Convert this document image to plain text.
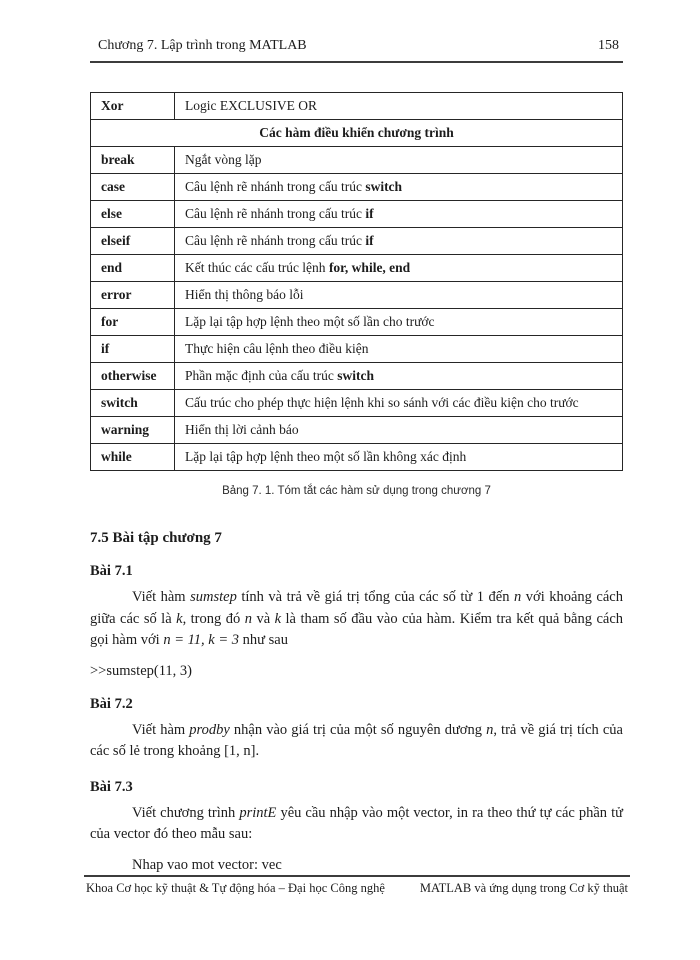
Chương 7. Lập trình trong MATLAB	158
Xor	Logic EXCLUSIVE OR
Các hàm điều khiển chương trình	
break	Ngắt vòng lặp
case	Câu lệnh rẽ nhánh trong cấu trúc switch
else	Câu lệnh rẽ nhánh trong cấu trúc if
elseif	Câu lệnh rẽ nhánh trong cấu trúc if
end	Kết thúc các cấu trúc lệnh for, while, end
error	Hiển thị thông báo lỗi
for	Lặp lại tập hợp lệnh theo một số lần cho trước
if	Thực hiện câu lệnh theo điều kiện
otherwise	Phần mặc định của cấu trúc switch
switch	Cấu trúc cho phép thực hiện lệnh khi so sánh với các điều kiện cho trước
warning	Hiển thị lời cảnh báo
while	Lặp lại tập hợp lệnh theo một số lần không xác định
Bảng 7. 1. Tóm tắt các hàm sử dụng trong chương 7
7.5 Bài tập chương 7
Bài 7.1

Viết hàm sumstep tính và trả về giá trị tổng của các số từ 1 đến n với khoảng cách giữa các số là k, trong đó n và k là tham số đầu vào của hàm. Kiểm tra kết quả bằng cách gọi hàm với n = 11, k = 3 như sau

>>sumstep(11, 3)
Bài 7.2

Viết hàm prodby nhận vào giá trị của một số nguyên dương n, trả về giá trị tích của các số lẻ trong khoảng [1, n].

Bài 7.3

Viết chương trình printE yêu cầu nhập vào một vector, in ra theo thứ tự các phần tử của vector đó theo mẫu sau:

Nhap vao mot vector: vec
Khoa Cơ học kỹ thuật & Tự động hóa – Đại học Công nghệ	MATLAB và ứng dụng trong Cơ kỹ thuật
